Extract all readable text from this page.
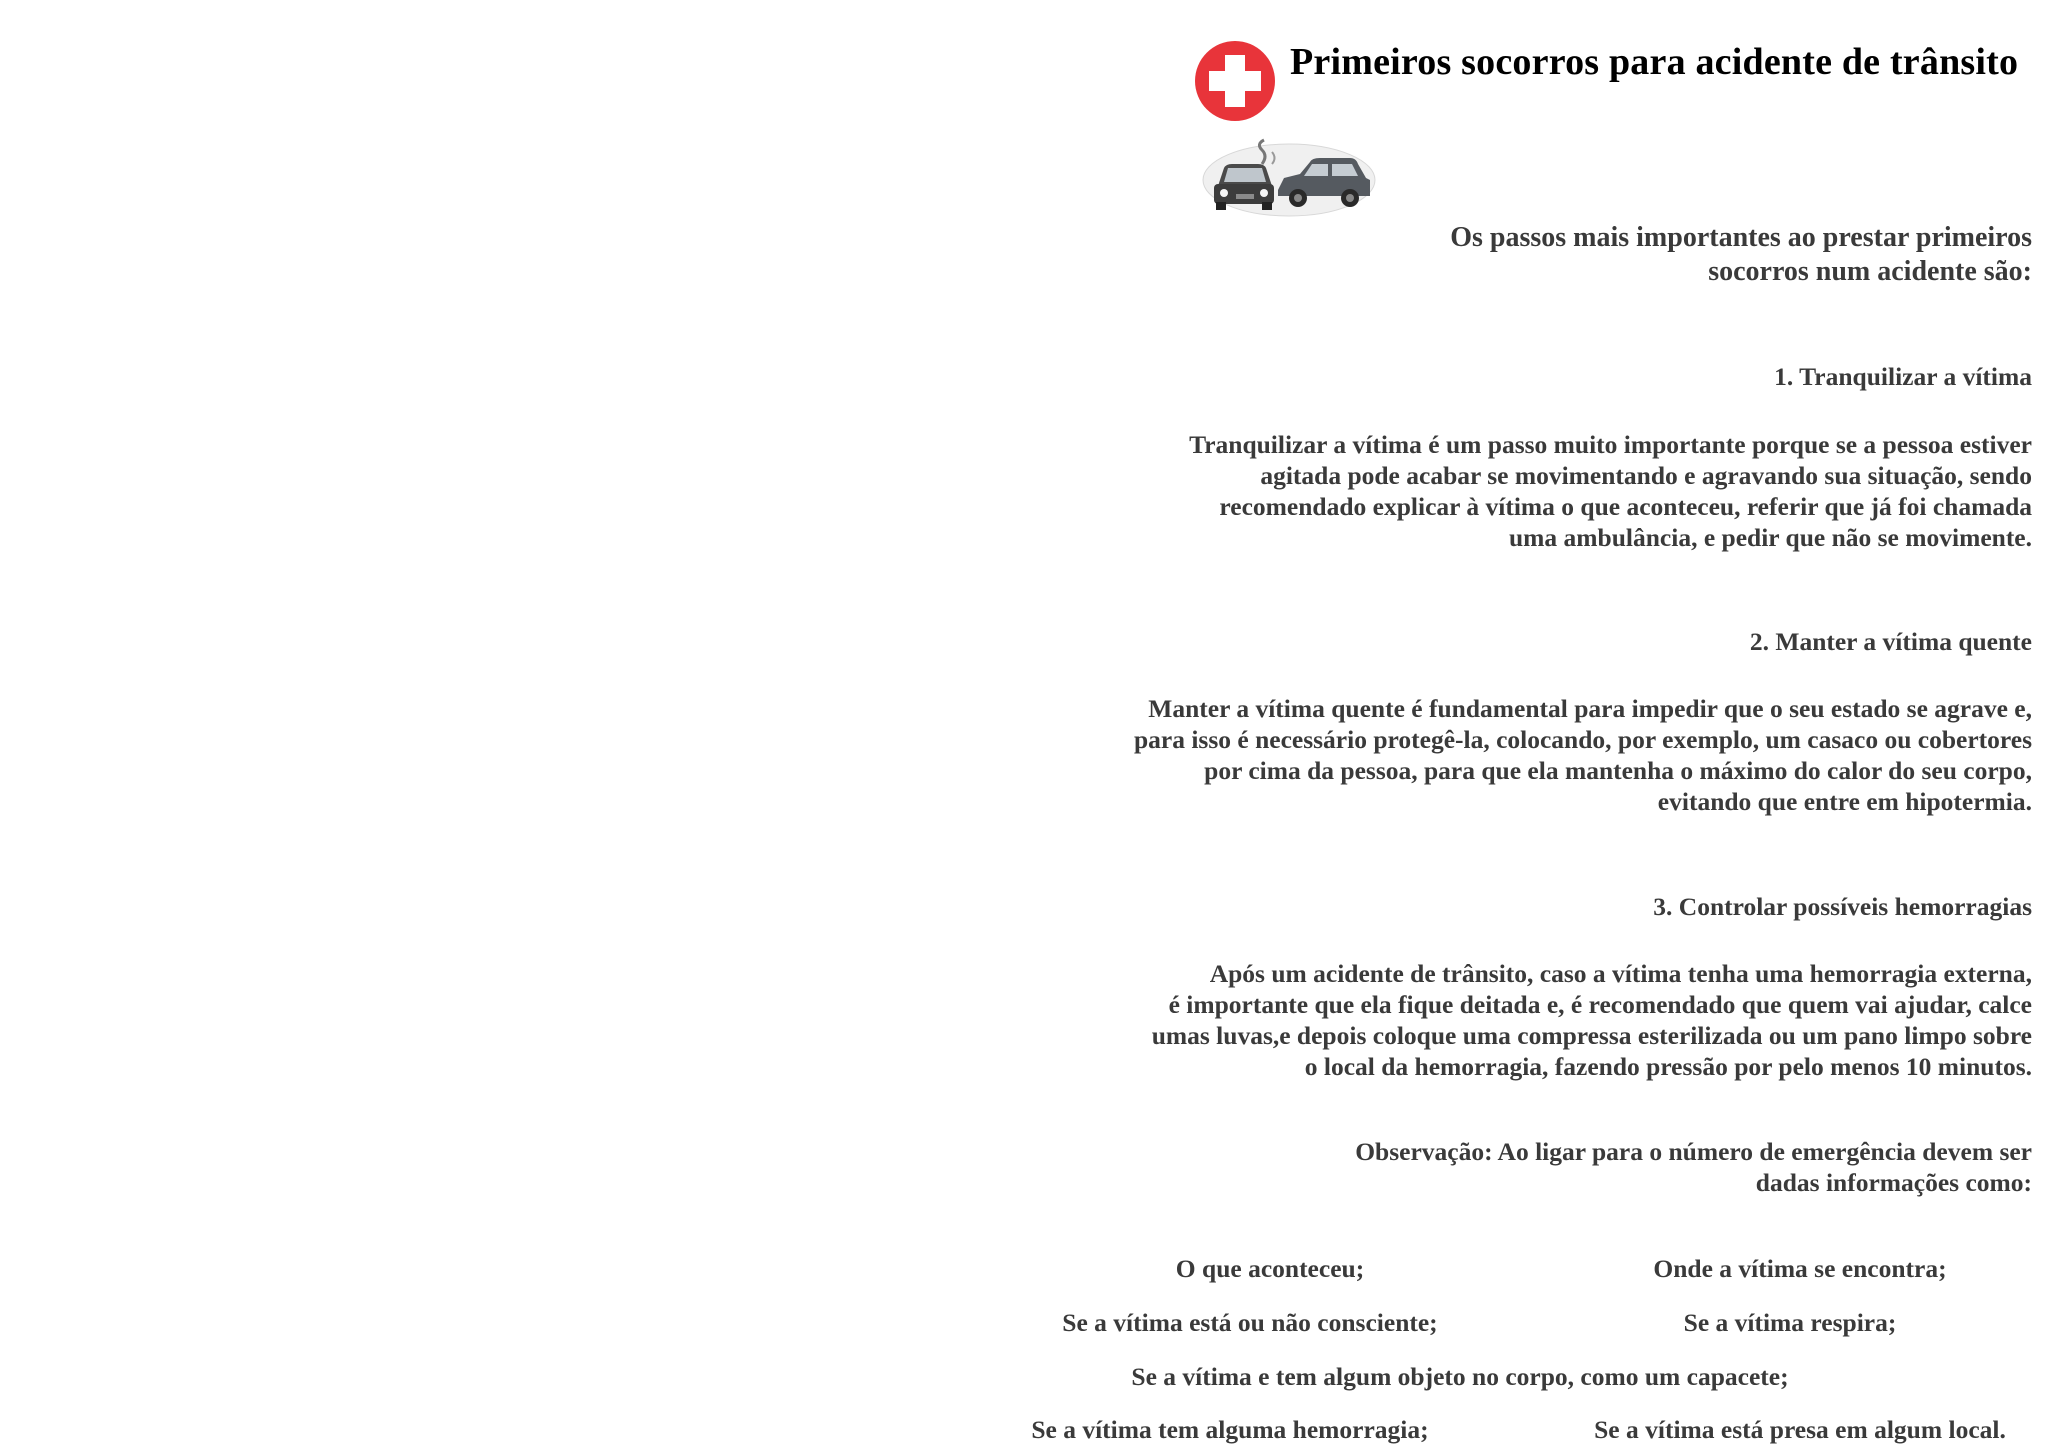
Primeiros socorros para acidente de trânsito
Os passos mais importantes ao prestar primeiros
socorros num acidente são:
1. Tranquilizar a vítima
Tranquilizar a vítima é um passo muito importante porque se a pessoa estiver
agitada pode acabar se movimentando e agravando sua situação, sendo
recomendado explicar à vítima o que aconteceu, referir que já foi chamada
uma ambulância, e pedir que não se movimente.
2. Manter a vítima quente
Manter a vítima quente é fundamental para impedir que o seu estado se agrave e,
para isso é necessário protegê-la, colocando, por exemplo, um casaco ou cobertores
por cima da pessoa, para que ela mantenha o máximo do calor do seu corpo,
evitando que entre em hipotermia.
3. Controlar possíveis hemorragias
Após um acidente de trânsito, caso a vítima tenha uma hemorragia externa,
é importante que ela fique deitada e, é recomendado que quem vai ajudar, calce
umas luvas,e depois coloque uma compressa esterilizada ou um pano limpo sobre
o local da hemorragia, fazendo pressão por pelo menos 10 minutos.
Observação: Ao ligar para o número de emergência devem ser
dadas informações como:
O que aconteceu;	Onde a vítima se encontra;
Se a vítima está ou não consciente;	Se a vítima respira;
Se a vítima e tem algum objeto no corpo, como um capacete;
Se a vítima tem alguma hemorragia;	Se a vítima está presa em algum local.
